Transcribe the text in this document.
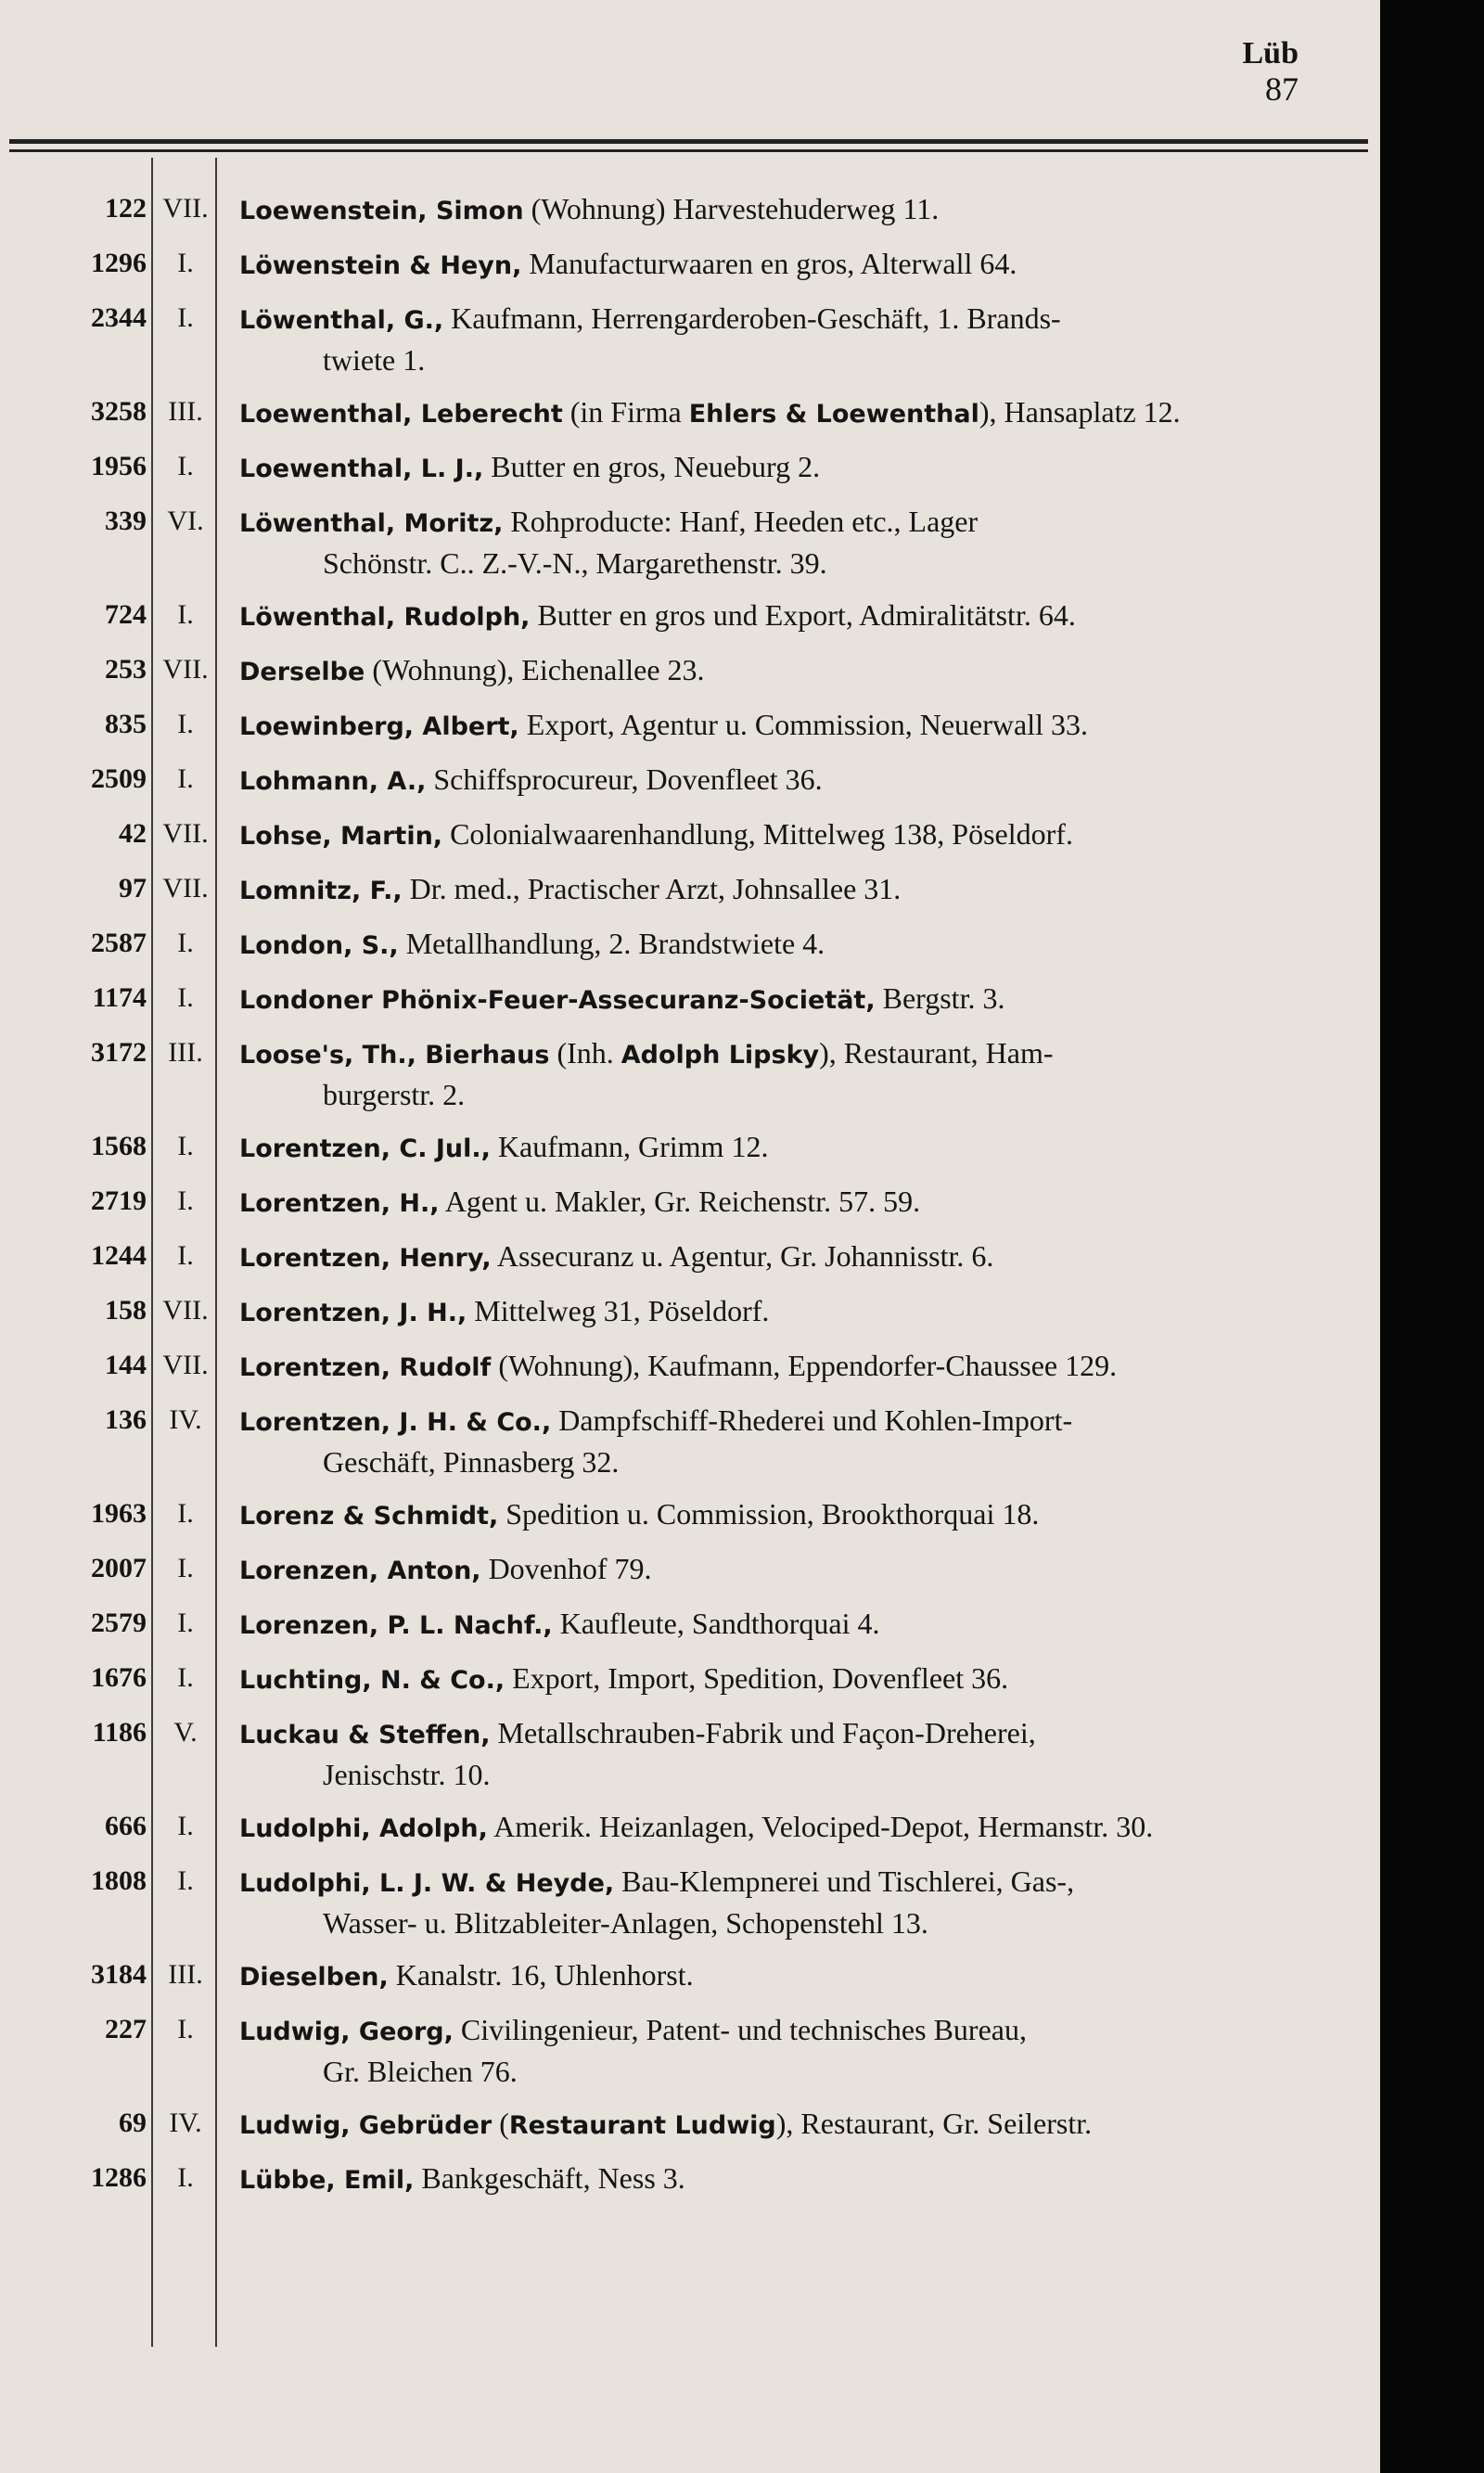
Lüb
87
122 VII. Loewenstein, Simon (Wohnung) Harvestehuderweg 11.
1296	I.	Löwenstein & Heyn, Manufacturwaaren en gros, Alterwall 64.
2344	I.	Löwenthal, G., Kaufmann, Herrengarderoben-Geschäft, 1. Brands-
twiete 1.
3258 III.	Loewenthal, Leberecht (in Firma Ehlers & Loewenthal), Hansaplatz 12.
1956	I.	Loewenthal, L. J., Butter en gros, Neueburg 2.
339 VI.	Löwenthal, Moritz, Rohproducte: Hanf, Heeden etc., Lager
Schönstr. C.. Z.-V.-N., Margarethenstr. 39.
724	I.	Löwenthal, Rudolph, Butter en gros und Export, Admiralitätstr. 64.
253 VII. Derselbe (Wohnung), Eichenallee 23.
835	I.	Loewinberg, Albert, Export, Agentur u. Commission, Neuerwall 33.
2509	I.	Lohmann, A., Schiffsprocureur, Dovenfleet 36.
42 VII. Lohse, Martin, Colonialwaarenhandlung, Mittelweg 138, Pöseldorf.
97 VII. Lomnitz, F., Dr. med., Practischer Arzt, Johnsallee 31.
2587	I.	London, S., Metallhandlung, 2. Brandstwiete 4.
1174	I.	Londoner Phönix-Feuer-Assecuranz-Societät, Bergstr. 3.
3172 III.	Loose's, Th., Bierhaus (Inh. Adolph Lipsky), Restaurant, Ham-
burgerstr. 2.
1568	I.	Lorentzen, C. Jul., Kaufmann, Grimm 12.
2719	I.	Lorentzen, H., Agent u. Makler, Gr. Reichenstr. 57. 59.
1244	I.	Lorentzen, Henry, Assecuranz u. Agentur, Gr. Johannisstr. 6.
158 VII. Lorentzen, J. H., Mittelweg 31, Pöseldorf.
144 VII. Lorentzen, Rudolf (Wohnung), Kaufmann, Eppendorfer-Chaussee 129.
136 IV.	Lorentzen, J. H. & Co., Dampfschiff-Rhederei und Kohlen-Import-
Geschäft, Pinnasberg 32.
1963	I.	Lorenz & Schmidt, Spedition u. Commission, Brookthorquai 18.
2007	I.	Lorenzen, Anton, Dovenhof 79.
2579	I.	Lorenzen, P. L. Nachf., Kaufleute, Sandthorquai 4.
1676	I.	Luchting, N. & Co., Export, Import, Spedition, Dovenfleet 36.
1186 V.	Luckau & Steffen, Metallschrauben-Fabrik und Façon-Dreherei,
Jenischstr. 10.
666	I.	Ludolphi, Adolph, Amerik. Heizanlagen, Velociped-Depot, Hermanstr. 30.
1808	I.	Ludolphi, L. J. W. & Heyde, Bau-Klempnerei und Tischlerei, Gas-,
Wasser- u. Blitzableiter-Anlagen, Schopenstehl 13.
3184 III.	Dieselben, Kanalstr. 16, Uhlenhorst.
227	I.	Ludwig, Georg, Civilingenieur, Patent- und technisches Bureau,
Gr. Bleichen 76.
69 IV.	Ludwig, Gebrüder (Restaurant Ludwig), Restaurant, Gr. Seilerstr.
1286	I.	Lübbe, Emil, Bankgeschäft, Ness 3.
